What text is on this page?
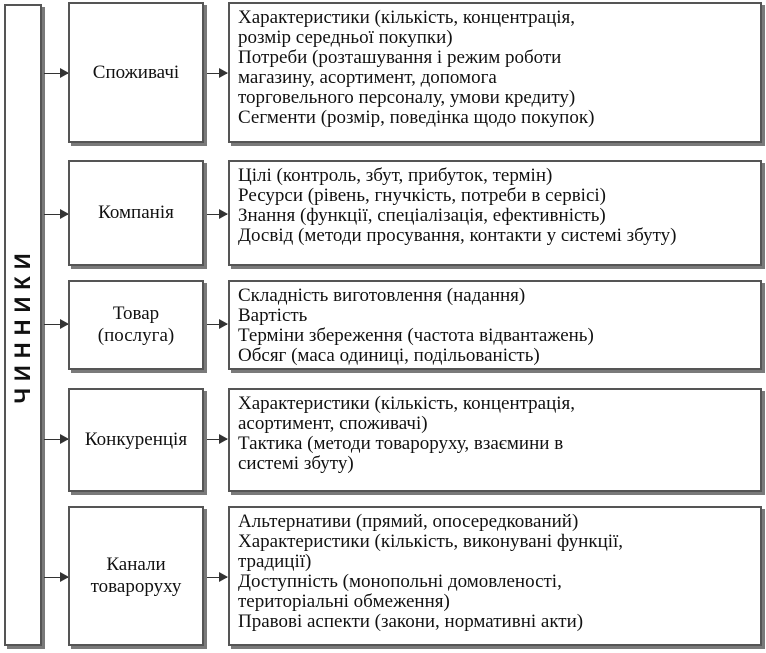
ЧИННИКИ
Споживачі
Характеристики (кількість, концентрація,
розмір середньої покупки)
Потреби (розташування і режим роботи
магазину, асортимент, допомога
торговельного персоналу, умови кредиту)
Сегменти (розмір, поведінка щодо покупок)
Компанія
Цілі (контроль, збут, прибуток, термін)
Ресурси (рівень, гнучкість, потреби в сервісі)
Знання (функції, спеціалізація, ефективність)
Досвід (методи просування, контакти у системі збуту)
Товар
(послуга)
Складність виготовлення (надання)
Вартість
Терміни збереження (частота відвантажень)
Обсяг (маса одиниці, подільованість)
Конкуренція
Характеристики (кількість, концентрація,
асортимент, споживачі)
Тактика (методи товароруху, взаємини в
системі збуту)
Канали
товароруху
Альтернативи (прямий, опосередкований)
Характеристики (кількість, виконувані функції,
традиції)
Доступність (монопольні домовленості,
територіальні обмеження)
Правові аспекти (закони, нормативні акти)
